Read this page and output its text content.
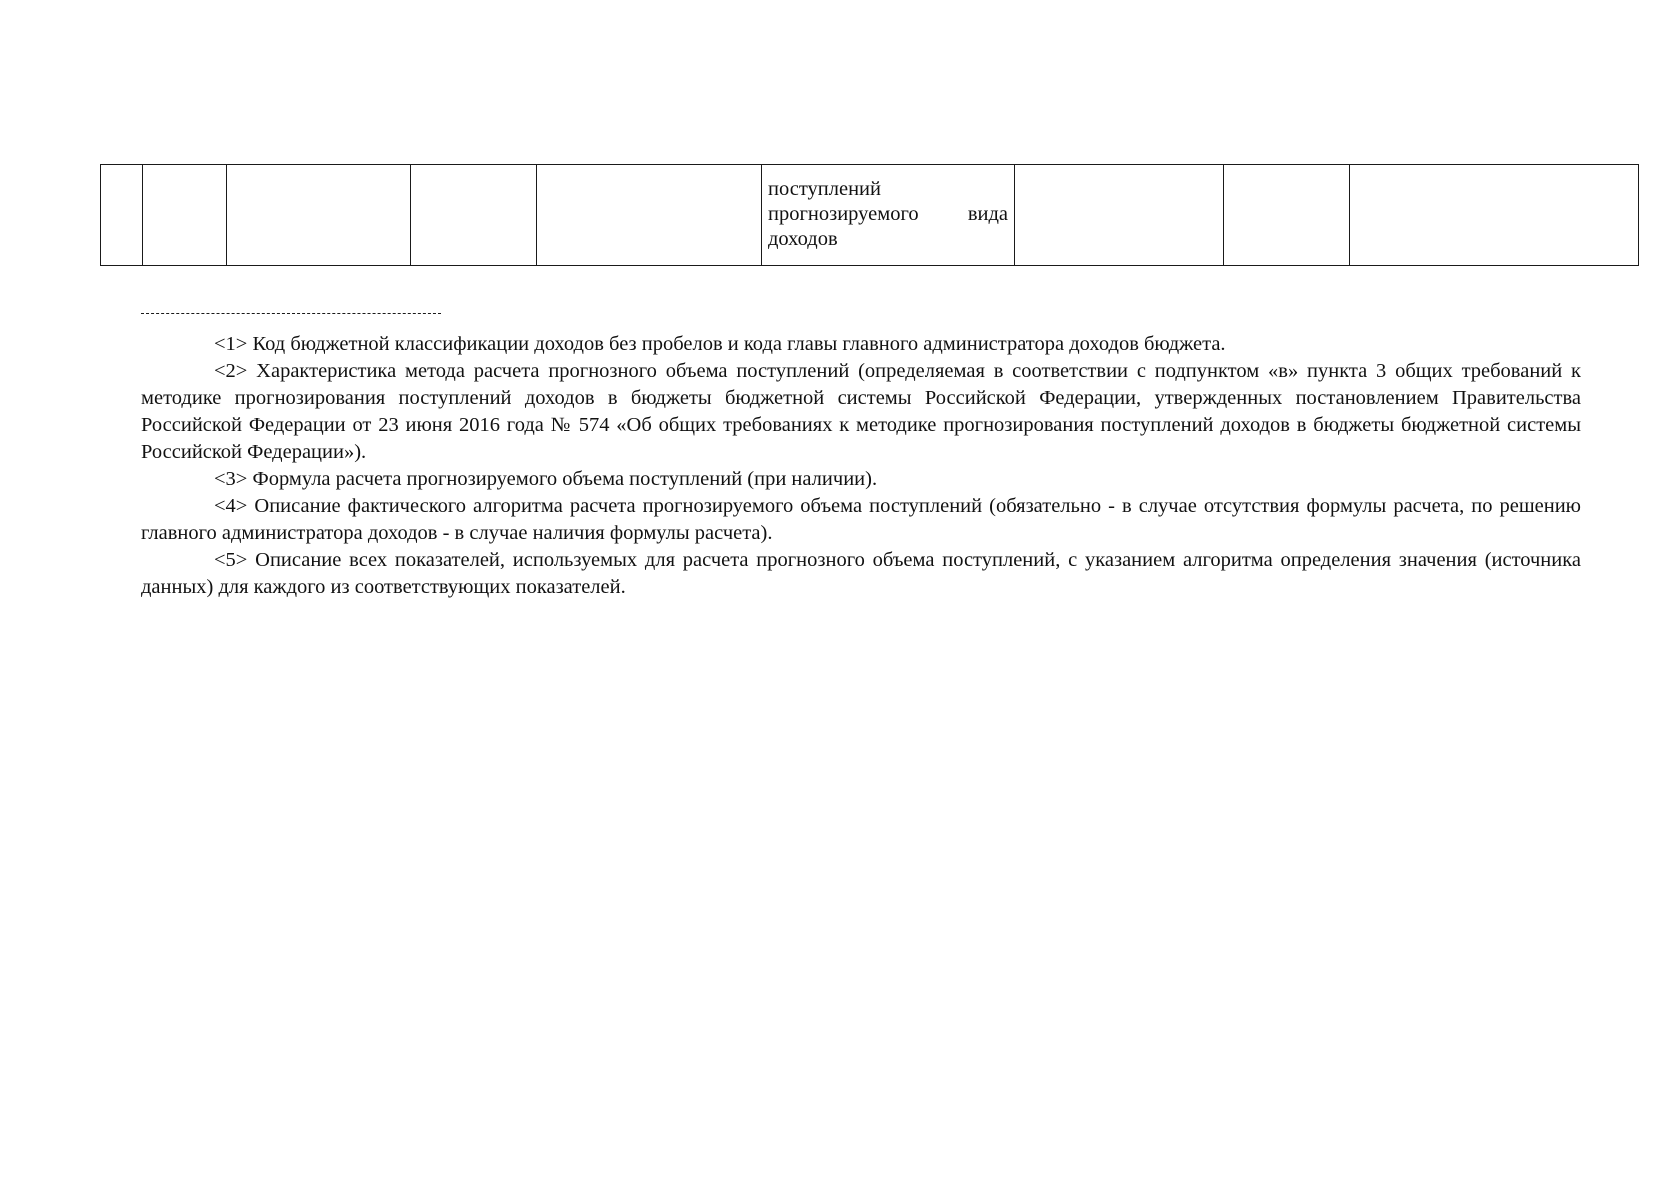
поступлений
прогнозируемого вида
доходов

<1> Код бюджетной классификации доходов без пробелов и кода главы главного администратора доходов бюджета.

<2> Характеристика метода расчета прогнозного объема поступлений (определяемая в соответствии с подпунктом «в» пункта 3 общих требований к методике прогнозирования поступлений доходов в бюджеты бюджетной системы Российской Федерации, утвержденных постановлением Правительства Российской Федерации от 23 июня 2016 года № 574 «Об общих требованиях к методике прогнозирования поступлений доходов в бюджеты бюджетной системы Российской Федерации»).

<3> Формула расчета прогнозируемого объема поступлений (при наличии).

<4> Описание фактического алгоритма расчета прогнозируемого объема поступлений (обязательно - в случае отсутствия формулы расчета, по решению главного администратора доходов - в случае наличия формулы расчета).

<5> Описание всех показателей, используемых для расчета прогнозного объема поступлений, с указанием алгоритма определения значения (источника данных) для каждого из соответствующих показателей.
